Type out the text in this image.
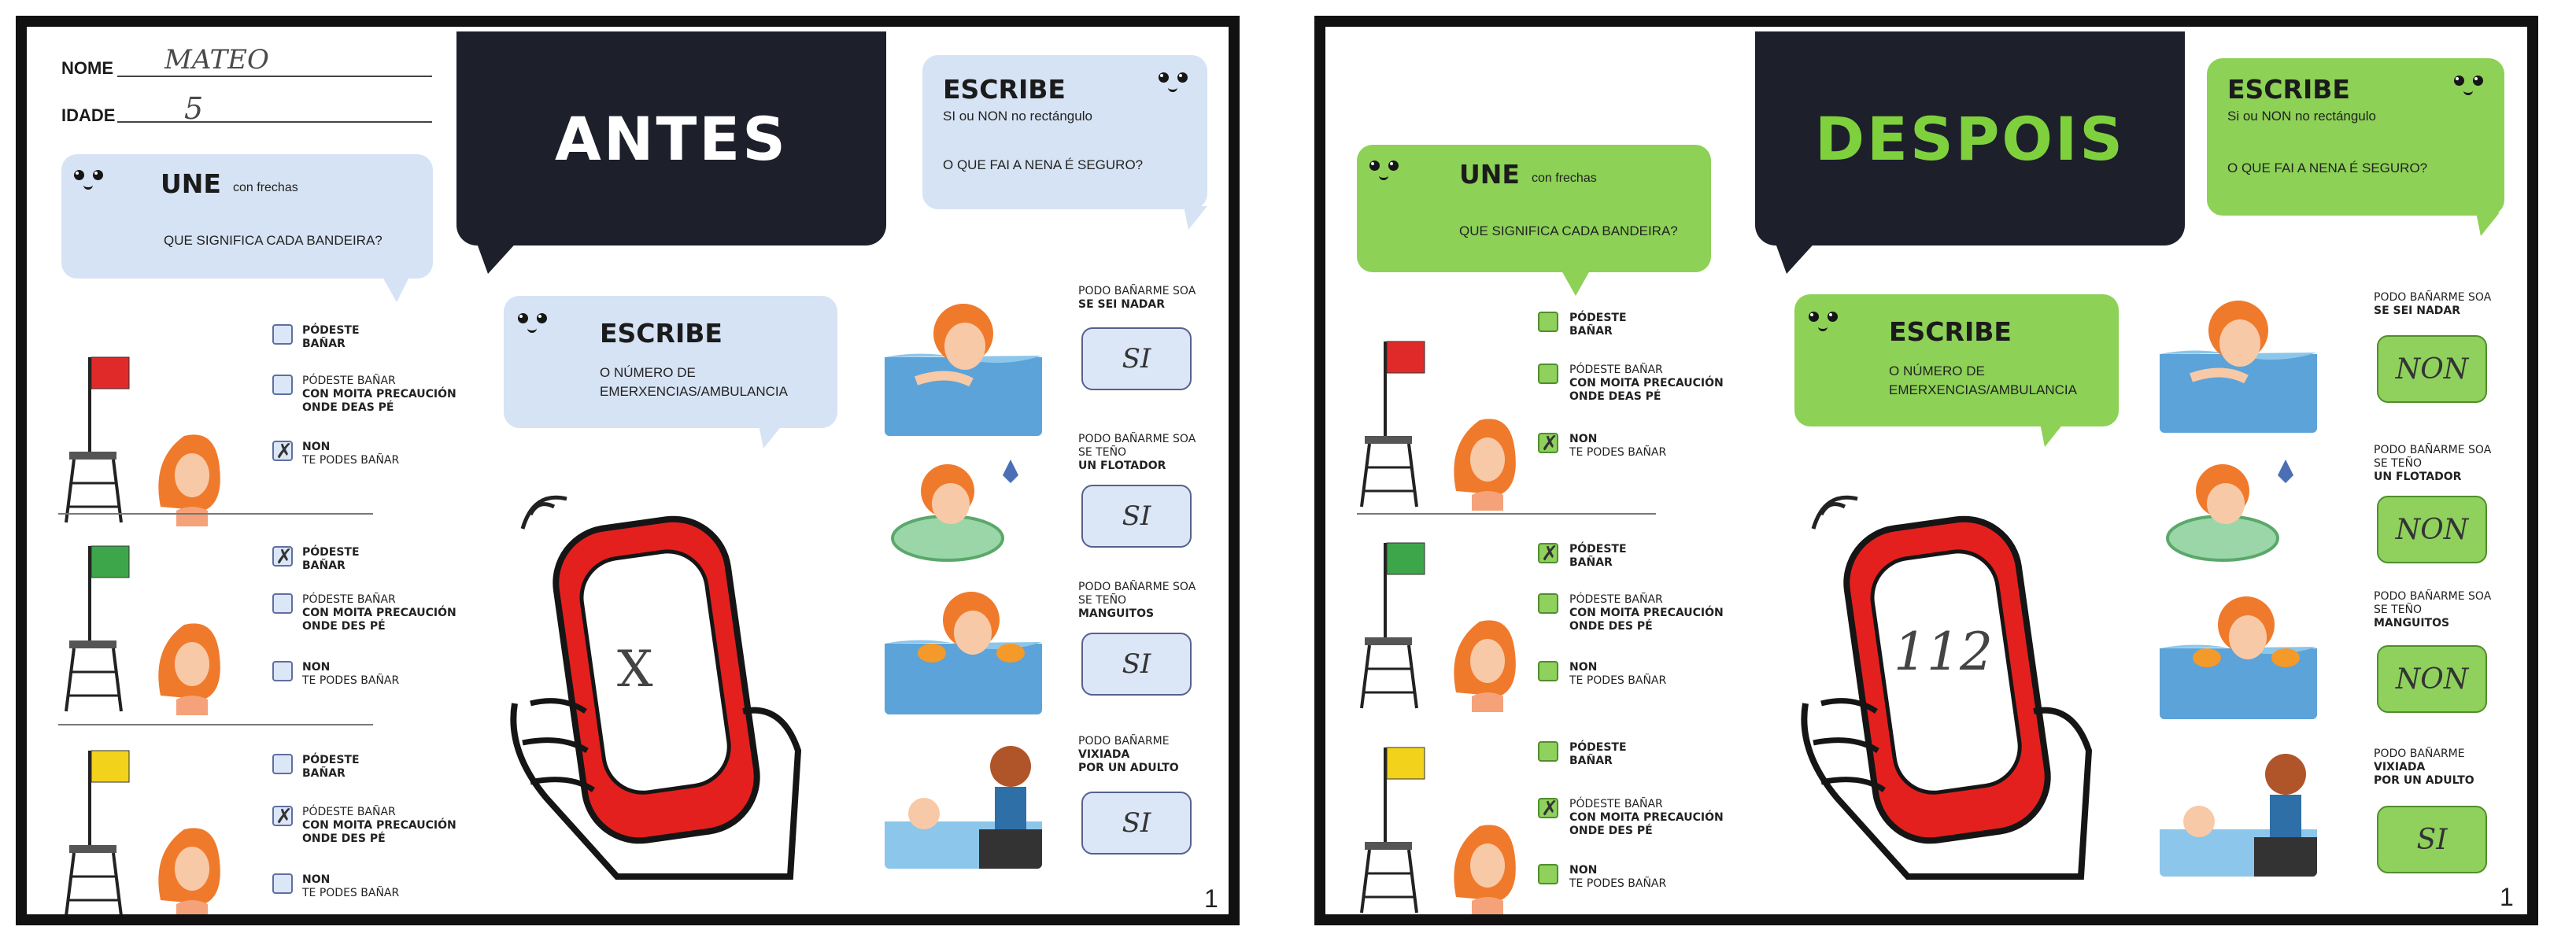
NOME MATEO
IDADE 5	ANTES
UNE con frechas
QUE SIGNIFICA CADA BANDEIRA?
ESCRIBE
SI ou NON no rectángulo
O QUE FAI A NENA É SEGURO?
ESCRIBE
O NÚMERO DE
EMERXENCIAS/AMBULANCIA
PÓDESTE
BAÑAR
PÓDESTE BAÑAR
CON MOITA PRECAUCIÓN
ONDE DEAS PÉ
✗ NON
TE PODES BAÑAR
✗ PÓDESTE
BAÑAR
PÓDESTE BAÑAR
CON MOITA PRECAUCIÓN
ONDE DES PÉ
NON
TE PODES BAÑAR
PÓDESTE
BAÑAR
✗ PÓDESTE BAÑAR
CON MOITA PRECAUCIÓN
ONDE DES PÉ
NON
TE PODES BAÑAR
X
PODO BAÑARME SOA
SE SEI NADAR

SI
PODO BAÑARME SOA
SE TEÑO
UN FLOTADOR
SI
PODO BAÑARME SOA
SE TEÑO
MANGUITOS
SI
PODO BAÑARME
VIXIADA
POR UN ADULTO
SI
1
DESPOIS
UNE con frechas
QUE SIGNIFICA CADA BANDEIRA?
ESCRIBE
Si ou NON no rectángulo
O QUE FAI A NENA É SEGURO?
ESCRIBE
O NÚMERO DE
EMERXENCIAS/AMBULANCIA
PÓDESTE
BAÑAR
PÓDESTE BAÑAR
CON MOITA PRECAUCIÓN
ONDE DEAS PÉ
✗ NON
TE PODES BAÑAR
✗ PÓDESTE
BAÑAR
PÓDESTE BAÑAR
CON MOITA PRECAUCIÓN
ONDE DES PÉ
NON
TE PODES BAÑAR
PÓDESTE
BAÑAR
✗ PÓDESTE BAÑAR
CON MOITA PRECAUCIÓN
ONDE DES PÉ
NON
TE PODES BAÑAR
112
PODO BAÑARME SOA
SE SEI NADAR

NON
PODO BAÑARME SOA
SE TEÑO
UN FLOTADOR
NON
PODO BAÑARME SOA
SE TEÑO
MANGUITOS
NON
PODO BAÑARME
VIXIADA
POR UN ADULTO
SI
1
